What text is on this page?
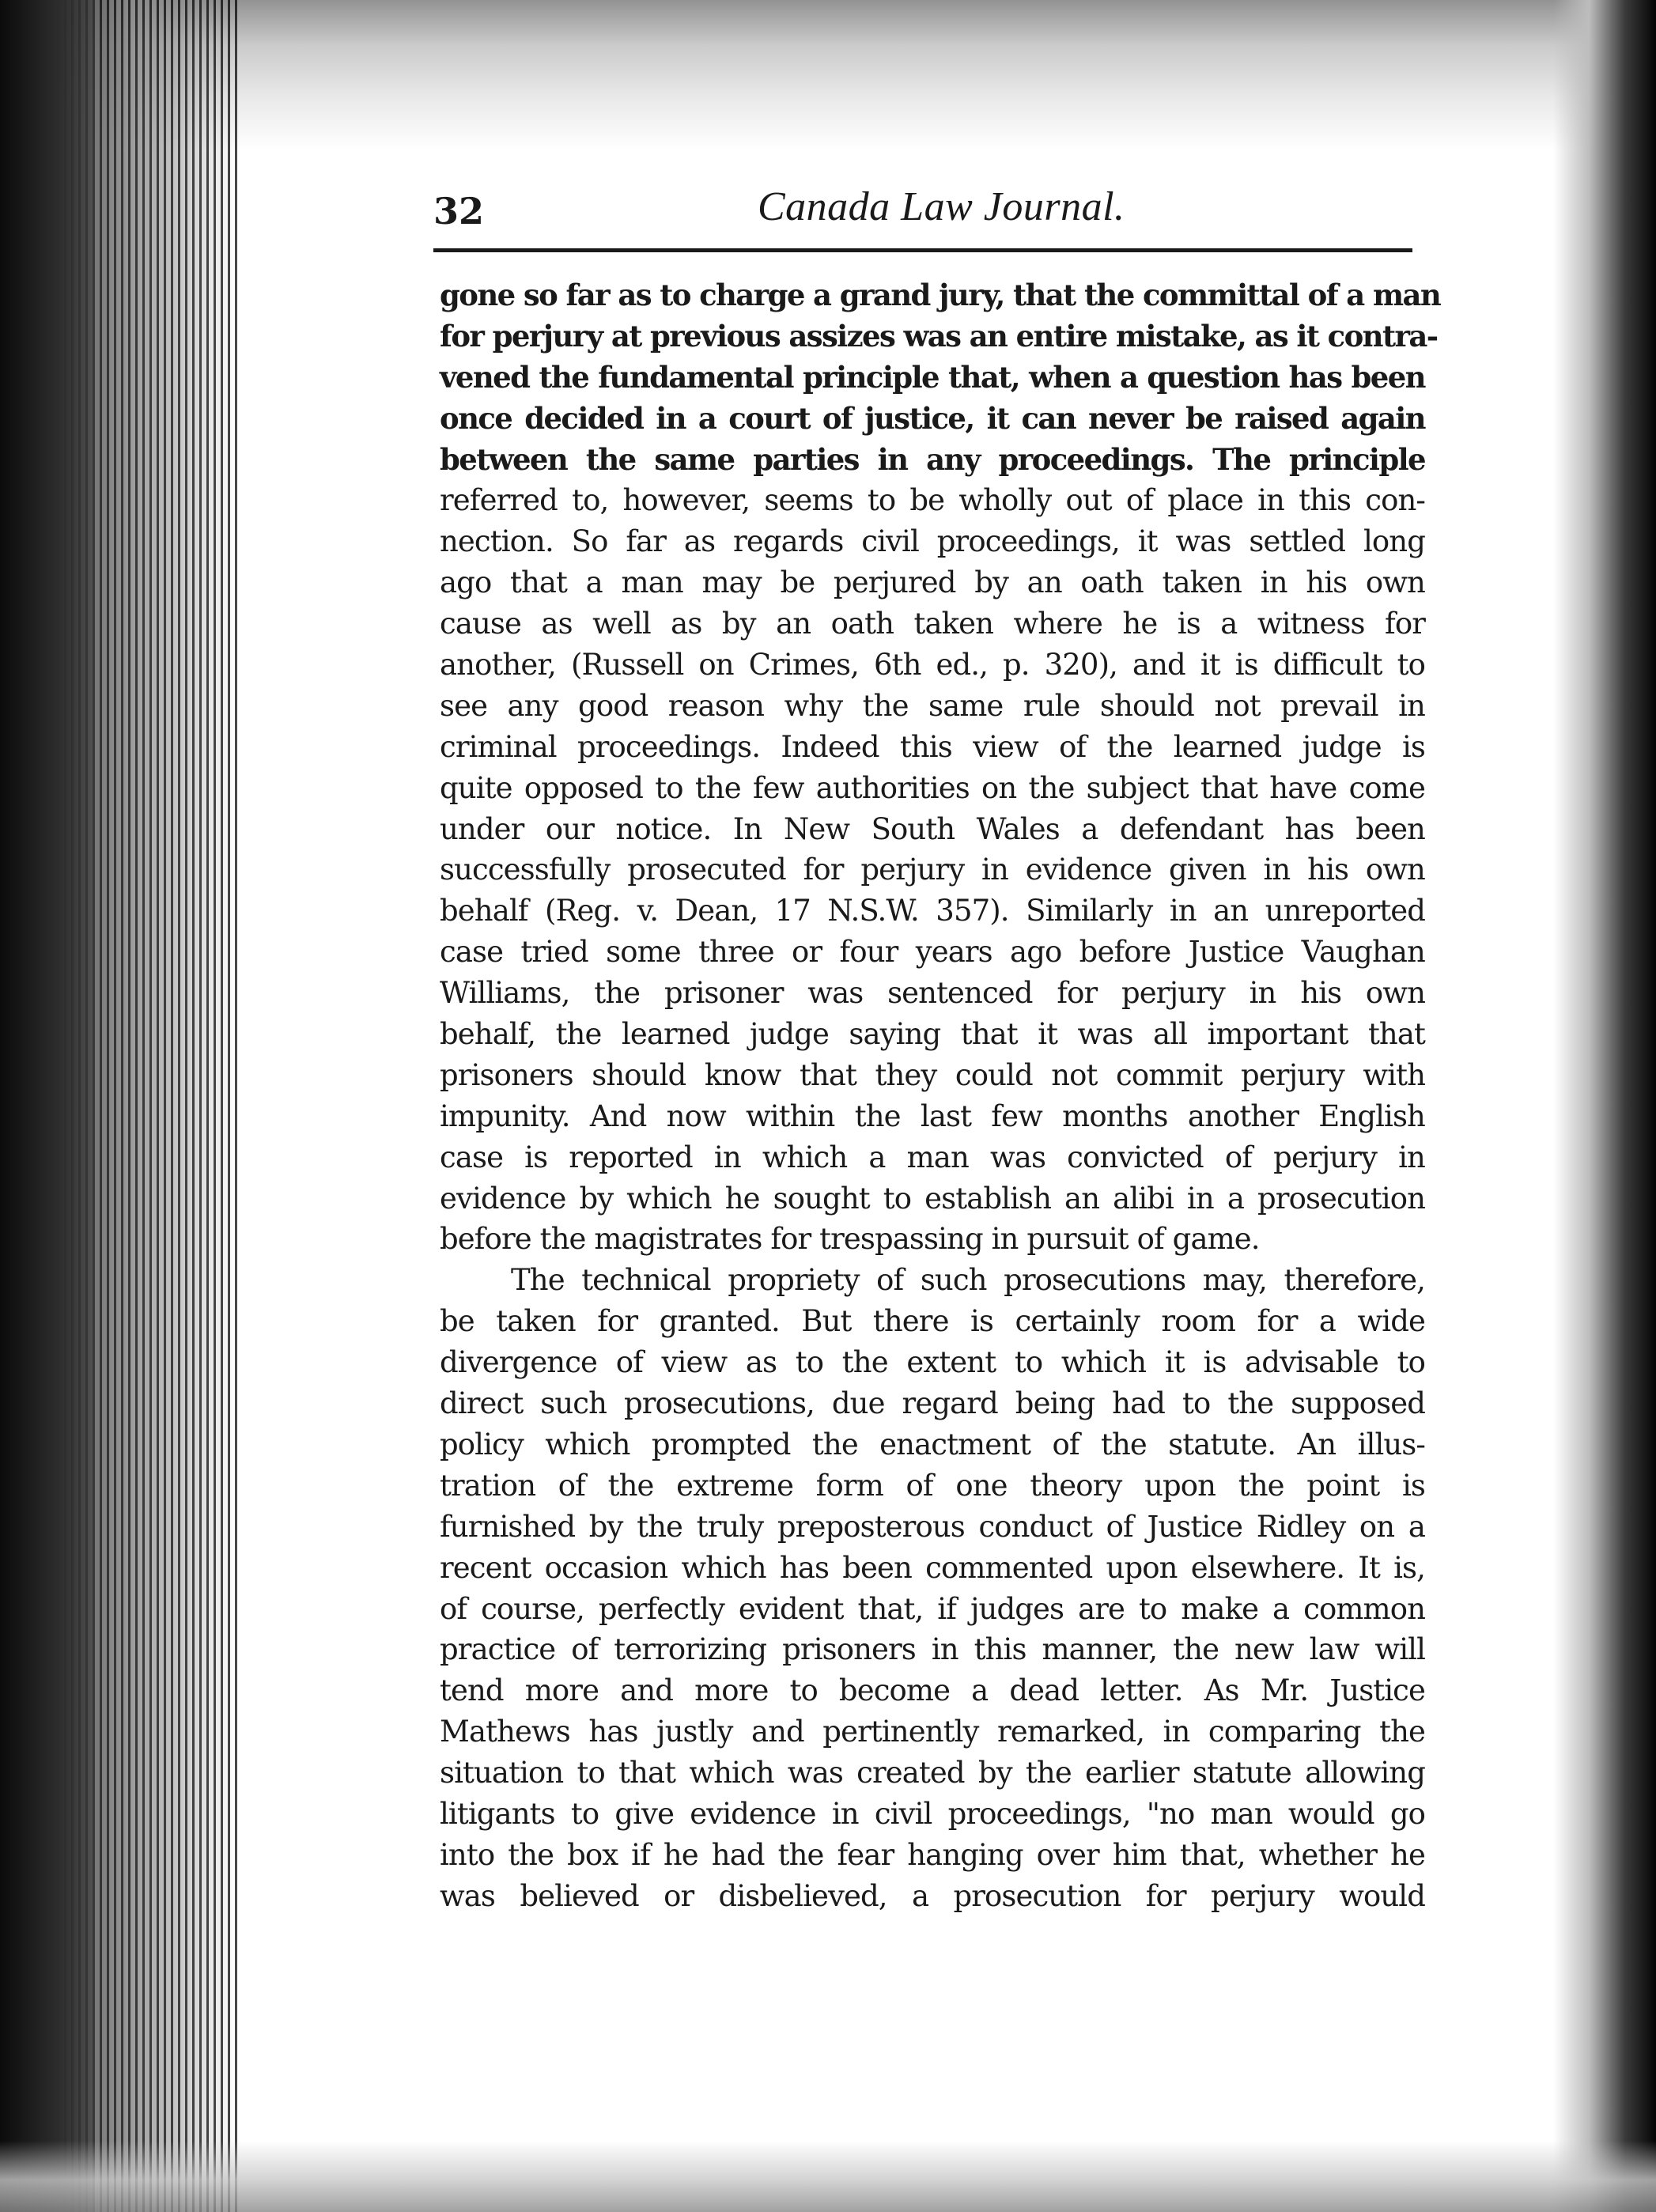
32	Canada Law Journal.
gone so far as to charge a grand jury, that the committal of a man
for perjury at previous assizes was an entire mistake, as it contra-
vened the fundamental principle that, when a question has been
once decided in a court of justice, it can never be raised again
between the same parties in any proceedings. The principle
referred to, however, seems to be wholly out of place in this con-
nection. So far as regards civil proceedings, it was settled long
ago that a man may be perjured by an oath taken in his own
cause as well as by an oath taken where he is a witness for
another, (Russell on Crimes, 6th ed., p. 320), and it is difficult to
see any good reason why the same rule should not prevail in
criminal proceedings. Indeed this view of the learned judge is
quite opposed to the few authorities on the subject that have come
under our notice. In New South Wales a defendant has been
successfully prosecuted for perjury in evidence given in his own
behalf (Reg. v. Dean, 17 N.S.W. 357). Similarly in an unreported
case tried some three or four years ago before Justice Vaughan
Williams, the prisoner was sentenced for perjury in his own
behalf, the learned judge saying that it was all important that
prisoners should know that they could not commit perjury with
impunity. And now within the last few months another English
case is reported in which a man was convicted of perjury in
evidence by which he sought to establish an alibi in a prosecution
before the magistrates for trespassing in pursuit of game.
The technical propriety of such prosecutions may, therefore,
be taken for granted. But there is certainly room for a wide
divergence of view as to the extent to which it is advisable to
direct such prosecutions, due regard being had to the supposed
policy which prompted the enactment of the statute. An illus-
tration of the extreme form of one theory upon the point is
furnished by the truly preposterous conduct of Justice Ridley on a
recent occasion which has been commented upon elsewhere. It is,
of course, perfectly evident that, if judges are to make a common
practice of terrorizing prisoners in this manner, the new law will
tend more and more to become a dead letter. As Mr. Justice
Mathews has justly and pertinently remarked, in comparing the
situation to that which was created by the earlier statute allowing
litigants to give evidence in civil proceedings, "no man would go
into the box if he had the fear hanging over him that, whether he
was believed or disbelieved, a prosecution for perjury would
